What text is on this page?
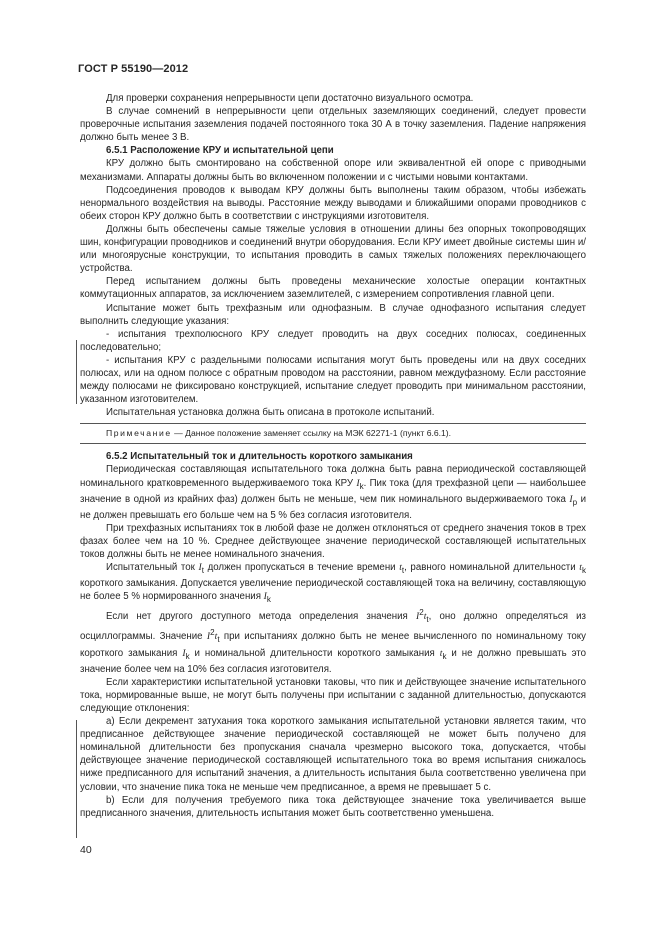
ГОСТ Р 55190—2012

Для проверки сохранения непрерывности цепи достаточно визуального осмотра.

В случае сомнений в непрерывности цепи отдельных заземляющих соединений, следует провести проверочные испытания заземления подачей постоянного тока 30 А в точку заземления. Падение напряжения должно быть менее 3 В.

6.5.1 Расположение КРУ и испытательной цепи

КРУ должно быть смонтировано на собственной опоре или эквивалентной ей опоре с приводными механизмами. Аппараты должны быть во включенном положении и с чистыми новыми контактами.

Подсоединения проводов к выводам КРУ должны быть выполнены таким образом, чтобы избежать ненормального воздействия на выводы. Расстояние между выводами и ближайшими опорами проводников с обеих сторон КРУ должно быть в соответствии с инструкциями изготовителя.

Должны быть обеспечены самые тяжелые условия в отношении длины без опорных токопроводящих шин, конфигурации проводников и соединений внутри оборудования. Если КРУ имеет двойные системы шин и/или многоярусные конструкции, то испытания проводить в самых тяжелых положениях переключающего устройства.

Перед испытанием должны быть проведены механические холостые операции контактных коммутационных аппаратов, за исключением заземлителей, с измерением сопротивления главной цепи.

Испытание может быть трехфазным или однофазным. В случае однофазного испытания следует выполнить следующие указания:

- испытания трехполюсного КРУ следует проводить на двух соседних полюсах, соединенных последовательно;

- испытания КРУ с раздельными полюсами испытания могут быть проведены или на двух соседних полюсах, или на одном полюсе с обратным проводом на расстоянии, равном междуфазному. Если расстояние между полюсами не фиксировано конструкцией, испытание следует проводить при минимальном расстоянии, указанном изготовителем.

Испытательная установка должна быть описана в протоколе испытаний.

Примечание — Данное положение заменяет ссылку на МЭК 62271-1 (пункт 6.6.1).

6.5.2 Испытательный ток и длительность короткого замыкания

Периодическая составляющая испытательного тока должна быть равна периодической составляющей номинального кратковременного выдерживаемого тока КРУ $I_k$. Пик тока (для трехфазной цепи — наибольшее значение в одной из крайних фаз) должен быть не меньше, чем пик номинального выдерживаемого тока $I_p$ и не должен превышать его больше чем на 5 % без согласия изготовителя.

При трехфазных испытаниях ток в любой фазе не должен отклоняться от среднего значения токов в трех фазах более чем на 10 %. Среднее действующее значение периодической составляющей испытательных токов должны быть не менее номинального значения.

Испытательный ток $I_t$ должен пропускаться в течение времени $t_t$, равного номинальной длительности $t_k$ короткого замыкания. Допускается увеличение периодической составляющей тока на величину, составляющую не более 5 % нормированного значения $I_k$

Если нет другого доступного метода определения значения $I^2t_t$, оно должно определяться из осциллограммы. Значение $I^2t_t$ при испытаниях должно быть не менее вычисленного по номинальному току короткого замыкания $I_k$ и номинальной длительности короткого замыкания $t_k$ и не должно превышать это значение более чем на 10% без согласия изготовителя.

Если характеристики испытательной установки таковы, что пик и действующее значение испытательного тока, нормированные выше, не могут быть получены при испытании с заданной длительностью, допускаются следующие отклонения:

а) Если декремент затухания тока короткого замыкания испытательной установки является таким, что предписанное действующее значение периодической составляющей не может быть получено для номинальной длительности без пропускания сначала чрезмерно высокого тока, допускается, чтобы действующее значение периодической составляющей испытательного тока во время испытания снижалось ниже предписанного для испытаний значения, а длительность испытания была соответственно увеличена при условии, что значение пика тока не меньше чем предписанное, а время не превышает 5 с.

b) Если для получения требуемого пика тока действующее значение тока увеличивается выше предписанного значения, длительность испытания может быть соответственно уменьшена.

40
